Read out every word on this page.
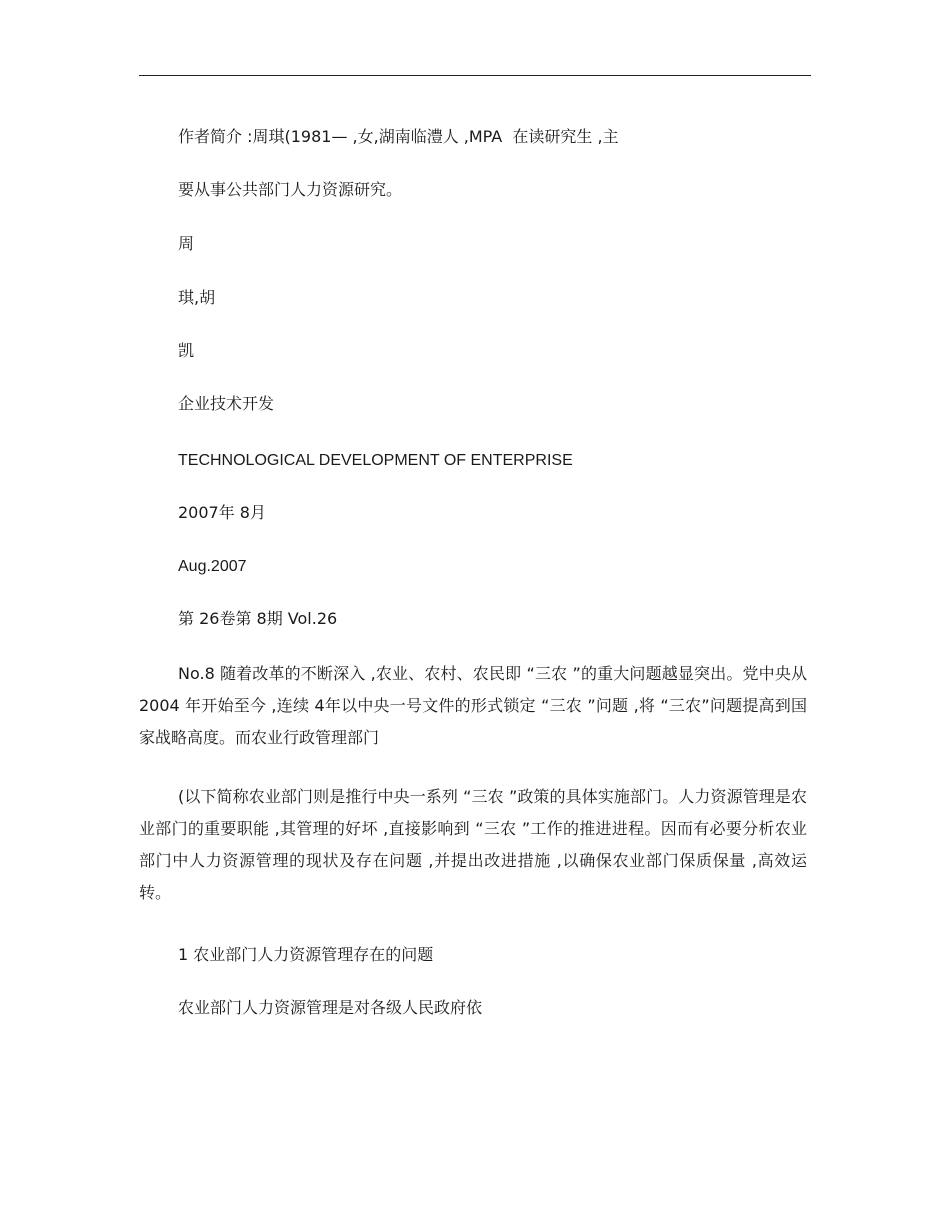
作者简介 :周琪(1981— ,女,湖南临澧人 ,MPA  在读研究生 ,主

要从事公共部门人力资源研究。

周

琪,胡

凯

企业技术开发

TECHNOLOGICAL DEVELOPMENT OF ENTERPRISE

2007年 8月

Aug.2007

第 26卷第 8期 Vol.26

No.8 随着改革的不断深入 ,农业、农村、农民即 “三农 ”的重大问题越显突出。党中央从 2004 年开始至今 ,连续 4年以中央一号文件的形式锁定 “三农 ”问题 ,将 “三农”问题提高到国家战略高度。而农业行政管理部门

(以下简称农业部门则是推行中央一系列 “三农 ”政策的具体实施部门。人力资源管理是农业部门的重要职能 ,其管理的好坏 ,直接影响到 “三农 ”工作的推进进程。因而有必要分析农业部门中人力资源管理的现状及存在问题 ,并提出改进措施 ,以确保农业部门保质保量 ,高效运转。

1 农业部门人力资源管理存在的问题

农业部门人力资源管理是对各级人民政府依
